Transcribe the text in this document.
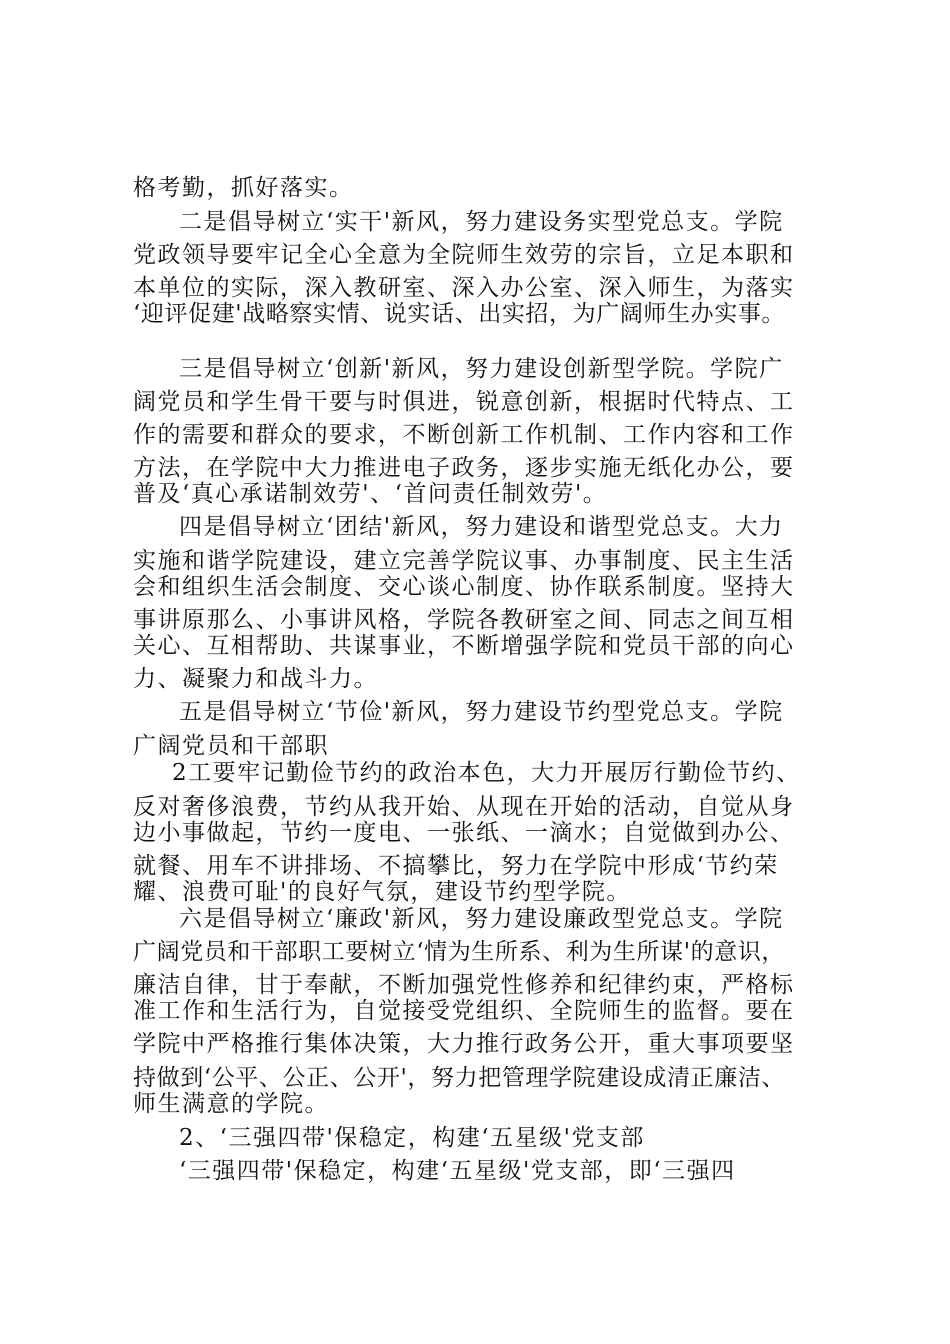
格考勤，抓好落实。
二是倡导树立‘实干'新风，努力建设务实型党总支。学院
党政领导要牢记全心全意为全院师生效劳的宗旨，立足本职和
本单位的实际，深入教研室、深入办公室、深入师生，为落实
‘迎评促建'战略察实情、说实话、出实招，为广阔师生办实事。
三是倡导树立‘创新'新风，努力建设创新型学院。学院广
阔党员和学生骨干要与时俱进，锐意创新，根据时代特点、工
作的需要和群众的要求，不断创新工作机制、工作内容和工作
方法，在学院中大力推进电子政务，逐步实施无纸化办公，要
普及‘真心承诺制效劳'、‘首问责任制效劳'。
四是倡导树立‘团结'新风，努力建设和谐型党总支。大力
实施和谐学院建设，建立完善学院议事、办事制度、民主生活
会和组织生活会制度、交心谈心制度、协作联系制度。坚持大
事讲原那么、小事讲风格，学院各教研室之间、同志之间互相
关心、互相帮助、共谋事业，不断增强学院和党员干部的向心
力、凝聚力和战斗力。
五是倡导树立‘节俭'新风，努力建设节约型党总支。学院
广阔党员和干部职
2工要牢记勤俭节约的政治本色，大力开展厉行勤俭节约、
反对奢侈浪费，节约从我开始、从现在开始的活动，自觉从身
边小事做起，节约一度电、一张纸、一滴水；自觉做到办公、
就餐、用车不讲排场、不搞攀比，努力在学院中形成‘节约荣
耀、浪费可耻'的良好气氛，建设节约型学院。
六是倡导树立‘廉政'新风，努力建设廉政型党总支。学院
广阔党员和干部职工要树立‘情为生所系、利为生所谋'的意识，
廉洁自律，甘于奉献，不断加强党性修养和纪律约束，严格标
准工作和生活行为，自觉接受党组织、全院师生的监督。要在
学院中严格推行集体决策，大力推行政务公开，重大事项要坚
持做到‘公平、公正、公开'，努力把管理学院建设成清正廉洁、
师生满意的学院。
2、‘三强四带'保稳定，构建‘五星级'党支部
‘三强四带'保稳定，构建‘五星级'党支部，即‘三强四
